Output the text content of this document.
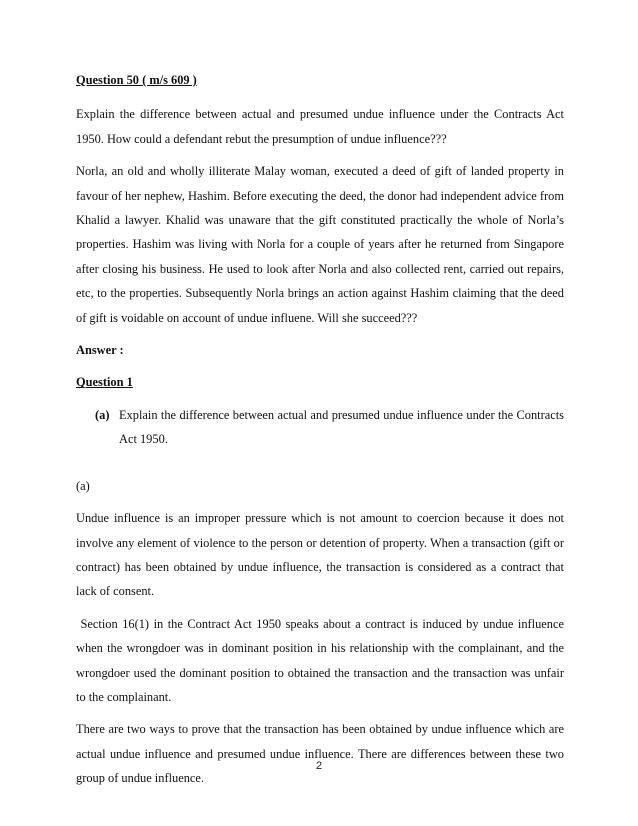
Question 50 ( m/s 609 )

Explain the difference between actual and presumed undue influence under the Contracts Act 1950. How could a defendant rebut the presumption of undue influence???

Norla, an old and wholly illiterate Malay woman, executed a deed of gift of landed property in favour of her nephew, Hashim. Before executing the deed, the donor had independent advice from Khalid a lawyer. Khalid was unaware that the gift constituted practically the whole of Norla’s properties. Hashim was living with Norla for a couple of years after he returned from Singapore after closing his business. He used to look after Norla and also collected rent, carried out repairs, etc, to the properties. Subsequently Norla brings an action against Hashim claiming that the deed of gift is voidable on account of undue influene. Will she succeed???

Answer :

Question 1

(a) Explain the difference between actual and presumed undue influence under the Contracts Act 1950.

(a)

Undue influence is an improper pressure which is not amount to coercion because it does not involve any element of violence to the person or detention of property. When a transaction (gift or contract) has been obtained by undue influence, the transaction is considered as a contract that lack of consent.

Section 16(1) in the Contract Act 1950 speaks about a contract is induced by undue influence when the wrongdoer was in dominant position in his relationship with the complainant, and the wrongdoer used the dominant position to obtained the transaction and the transaction was unfair to the complainant.

There are two ways to prove that the transaction has been obtained by undue influence which are actual undue influence and presumed undue influence. There are differences between these two group of undue influence.

2
